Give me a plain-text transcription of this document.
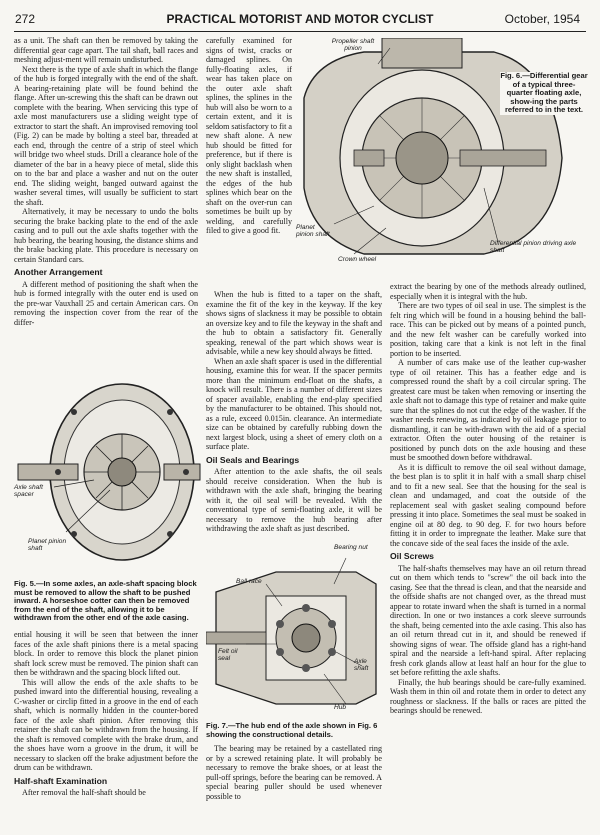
272	PRACTICAL MOTORIST AND MOTOR CYCLIST	October, 1954

as a unit. The shaft can then be removed by taking the differential gear cage apart. The tail shaft, ball races and meshing adjust-ment will remain undisturbed.

Next there is the type of axle shaft in which the flange of the hub is forged integrally with the end of the shaft. A bearing-retaining plate will be found behind the flange. After un-screwing this the shaft can be drawn out complete with the bearing. When servicing this type of axle most manufacturers use a sliding weight type of extractor to start the shaft. An improvised removing tool (Fig. 2) can be made by bolting a steel bar, threaded at each end, through the centre of a strip of steel which will bridge two wheel studs. Drill a clearance hole of the diameter of the bar in a heavy piece of metal, slide this on to the bar and place a washer and nut on the outer end. The sliding weight, banged outward against the washer several times, will usually be sufficient to start the shaft.

Alternatively, it may be necessary to undo the bolts securing the brake backing plate to the end of the axle casing and to pull out the axle shafts together with the hub bearing, the bearing housing, the distance shims and the brake backing plate. This procedure is necessary on certain Standard cars.

Another Arrangement

A different method of positioning the shaft when the hub is formed integrally with the outer end is used on the pre-war Vauxhall 25 and certain American cars. On removing the inspection cover from the rear of the differ-

carefully examined for signs of twist, cracks or damaged splines. On fully-floating axles, if wear has taken place on the outer axle shaft splines, the splines in the hub will also be worn to a certain extent, and it is seldom satisfactory to fit a new shaft alone. A new hub should be fitted for preference, but if there is only slight backlash when the new shaft is installed, the edges of the hub splines which bear on the shaft on the over-run can sometimes be built up by welding, and carefully filed to give a good fit.

Axle shaft spacer
Planet pinion shaft
Fig. 5.—In some axles, an axle-shaft spacing block must be removed to allow the shaft to be pushed inward. A horseshoe cotter can then be removed from the end of the shaft, allowing it to be withdrawn from the other end of the axle casing.

ential housing it will be seen that between the inner faces of the axle shaft pinions there is a metal spacing block. In order to remove this block the planet pinion shaft lock screw must be removed. The pinion shaft can then be withdrawn and the spacing block lifted out.

This will allow the ends of the axle shafts to be pushed inward into the differential housing, revealing a C-washer or circlip fitted in a groove in the end of each shaft, which is normally hidden in the counter-bored face of the axle shaft pinion. After removing this retainer the shaft can be withdrawn from the housing. If the shaft is removed complete with the brake drum, and the shoes have worn a groove in the drum, it will be necessary to slacken off the brake adjustment before the drum can be withdrawn.

Half-shaft Examination

After removal the half-shaft should be

Propeller shaft pinion
Planet pinion shaft
Crown wheel
Differential pinion driving axle shaft
Fig. 6.—Differential gear of a typical three-quarter floating axle, show-ing the parts referred to in the text.

When the hub is fitted to a taper on the shaft, examine the fit of the key in the keyway. If the key shows signs of slackness it may be possible to obtain an oversize key and to file the keyway in the shaft and the hub to obtain a satisfactory fit. Generally speaking, renewal of the part which shows wear is advisable, while a new key should always be fitted.

When an axle shaft spacer is used in the differential housing, examine this for wear. If the spacer permits more than the minimum end-float on the shafts, a knock will result. There is a number of different sizes of spacer available, enabling the end-play specified by the manufacturer to be obtained. This should not, as a rule, exceed 0.015in. clearance. An intermediate size can be obtained by carefully rubbing down the next largest block, using a sheet of emery cloth on a surface plate.

Oil Seals and Bearings

After attention to the axle shafts, the oil seals should receive consideration. When the hub is withdrawn with the axle shaft, bringing the bearing with it, the oil seal will be revealed. With the conventional type of semi-floating axle, it will be necessary to remove the hub bearing after withdrawing the axle shaft as just described.

Bearing nut
Ball race
Felt oil seal	Axle shaft
Hub
Fig. 7.—The hub end of the axle shown in Fig. 6 showing the constructional details.

The bearing may be retained by a castellated ring or by a screwed retaining plate. It will probably be necessary to remove the brake shoes, or at least the pull-off springs, before the bearing can be removed. A special bearing puller should be used whenever possible to

extract the bearing by one of the methods already outlined, especially when it is integral with the hub.

There are two types of oil seal in use. The simplest is the felt ring which will be found in a housing behind the ball-race. This can be picked out by means of a pointed punch, and the new felt washer can be carefully worked into position, taking care that a kink is not left in the final portion to be inserted.

A number of cars make use of the leather cup-washer type of oil retainer. This has a feather edge and is compressed round the shaft by a coil circular spring. The greatest care must be taken when removing or inserting the axle shaft not to damage this type of retainer and make quite sure that the splines do not cut the edge of the washer. If the washer needs renewing, as indicated by oil leakage prior to dismantling, it can be with-drawn with the aid of a special extractor. Often the outer housing of the retainer is positioned by punch dots on the axle housing and these must be smoothed down before withdrawal.

As it is difficult to remove the oil seal without damage, the best plan is to split it in half with a small sharp chisel and to fit a new seal. See that the housing for the seal is clean and undamaged, and coat the outside of the replacement seal with gasket sealing compound before pressing it into place. Sometimes the seal must be soaked in engine oil at 80 deg. to 90 deg. F. for two hours before fitting it in order to impregnate the leather. Make sure that the concave side of the seal faces the inside of the axle.

Oil Screws

The half-shafts themselves may have an oil return thread cut on them which tends to "screw" the oil back into the casing. See that the thread is clean, and that the nearside and the offside shafts are not changed over, as the thread must appear to rotate inward when the shaft is turned in a normal direction. In one or two instances a cork sleeve surrounds the shaft, being cemented into the axle casing. This also has an oil return thread cut in it, and should be renewed if showing signs of wear. The offside gland has a right-hand spiral and the nearside a left-hand spiral. After replacing fresh cork glands allow at least half an hour for the glue to set before refitting the axle shafts.

Finally, the hub bearings should be care-fully examined. Wash them in thin oil and rotate them in order to detect any roughness or slackness. If the balls or races are pitted the bearings should be renewed.
